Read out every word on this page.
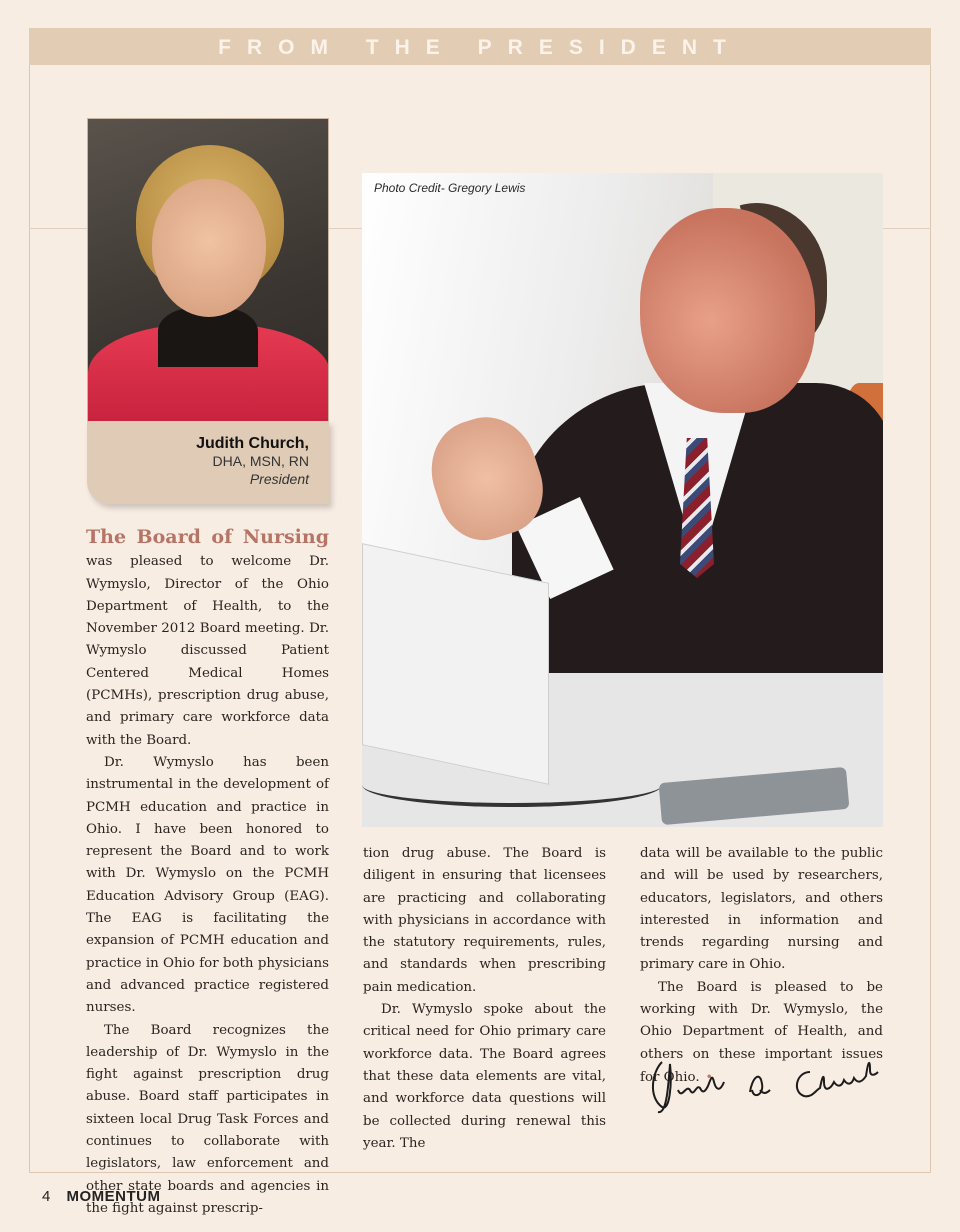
FROM THE PRESIDENT
Judith Church,
DHA, MSN, RN
President
Photo Credit- Gregory Lewis

The Board of Nursing was pleased to welcome Dr. Wymyslo, Director of the Ohio Department of Health, to the November 2012 Board meeting. Dr. Wymyslo discussed Patient Centered Medical Homes (PCMHs), prescription drug abuse, and primary care workforce data with the Board.

Dr. Wymyslo has been instrumental in the development of PCMH education and practice in Ohio. I have been honored to represent the Board and to work with Dr. Wymyslo on the PCMH Education Advisory Group (EAG). The EAG is facilitating the expansion of PCMH education and practice in Ohio for both physicians and advanced practice registered nurses.

The Board recognizes the leadership of Dr. Wymyslo in the fight against prescription drug abuse. Board staff participates in sixteen local Drug Task Forces and continues to collaborate with legislators, law enforcement and other state boards and agencies in the fight against prescrip-

tion drug abuse. The Board is diligent in ensuring that licensees are practicing and collaborating with physicians in accordance with the statutory requirements, rules, and standards when prescribing pain medication.

Dr. Wymyslo spoke about the critical need for Ohio primary care workforce data. The Board agrees that these data elements are vital, and workforce data questions will be collected during renewal this year. The

data will be available to the public and will be used by researchers, educators, legislators, and others interested in information and trends regarding nursing and primary care in Ohio.

The Board is pleased to be working with Dr. Wymyslo, the Ohio Department of Health, and others on these important issues for Ohio. •

4 MOMENTUM
